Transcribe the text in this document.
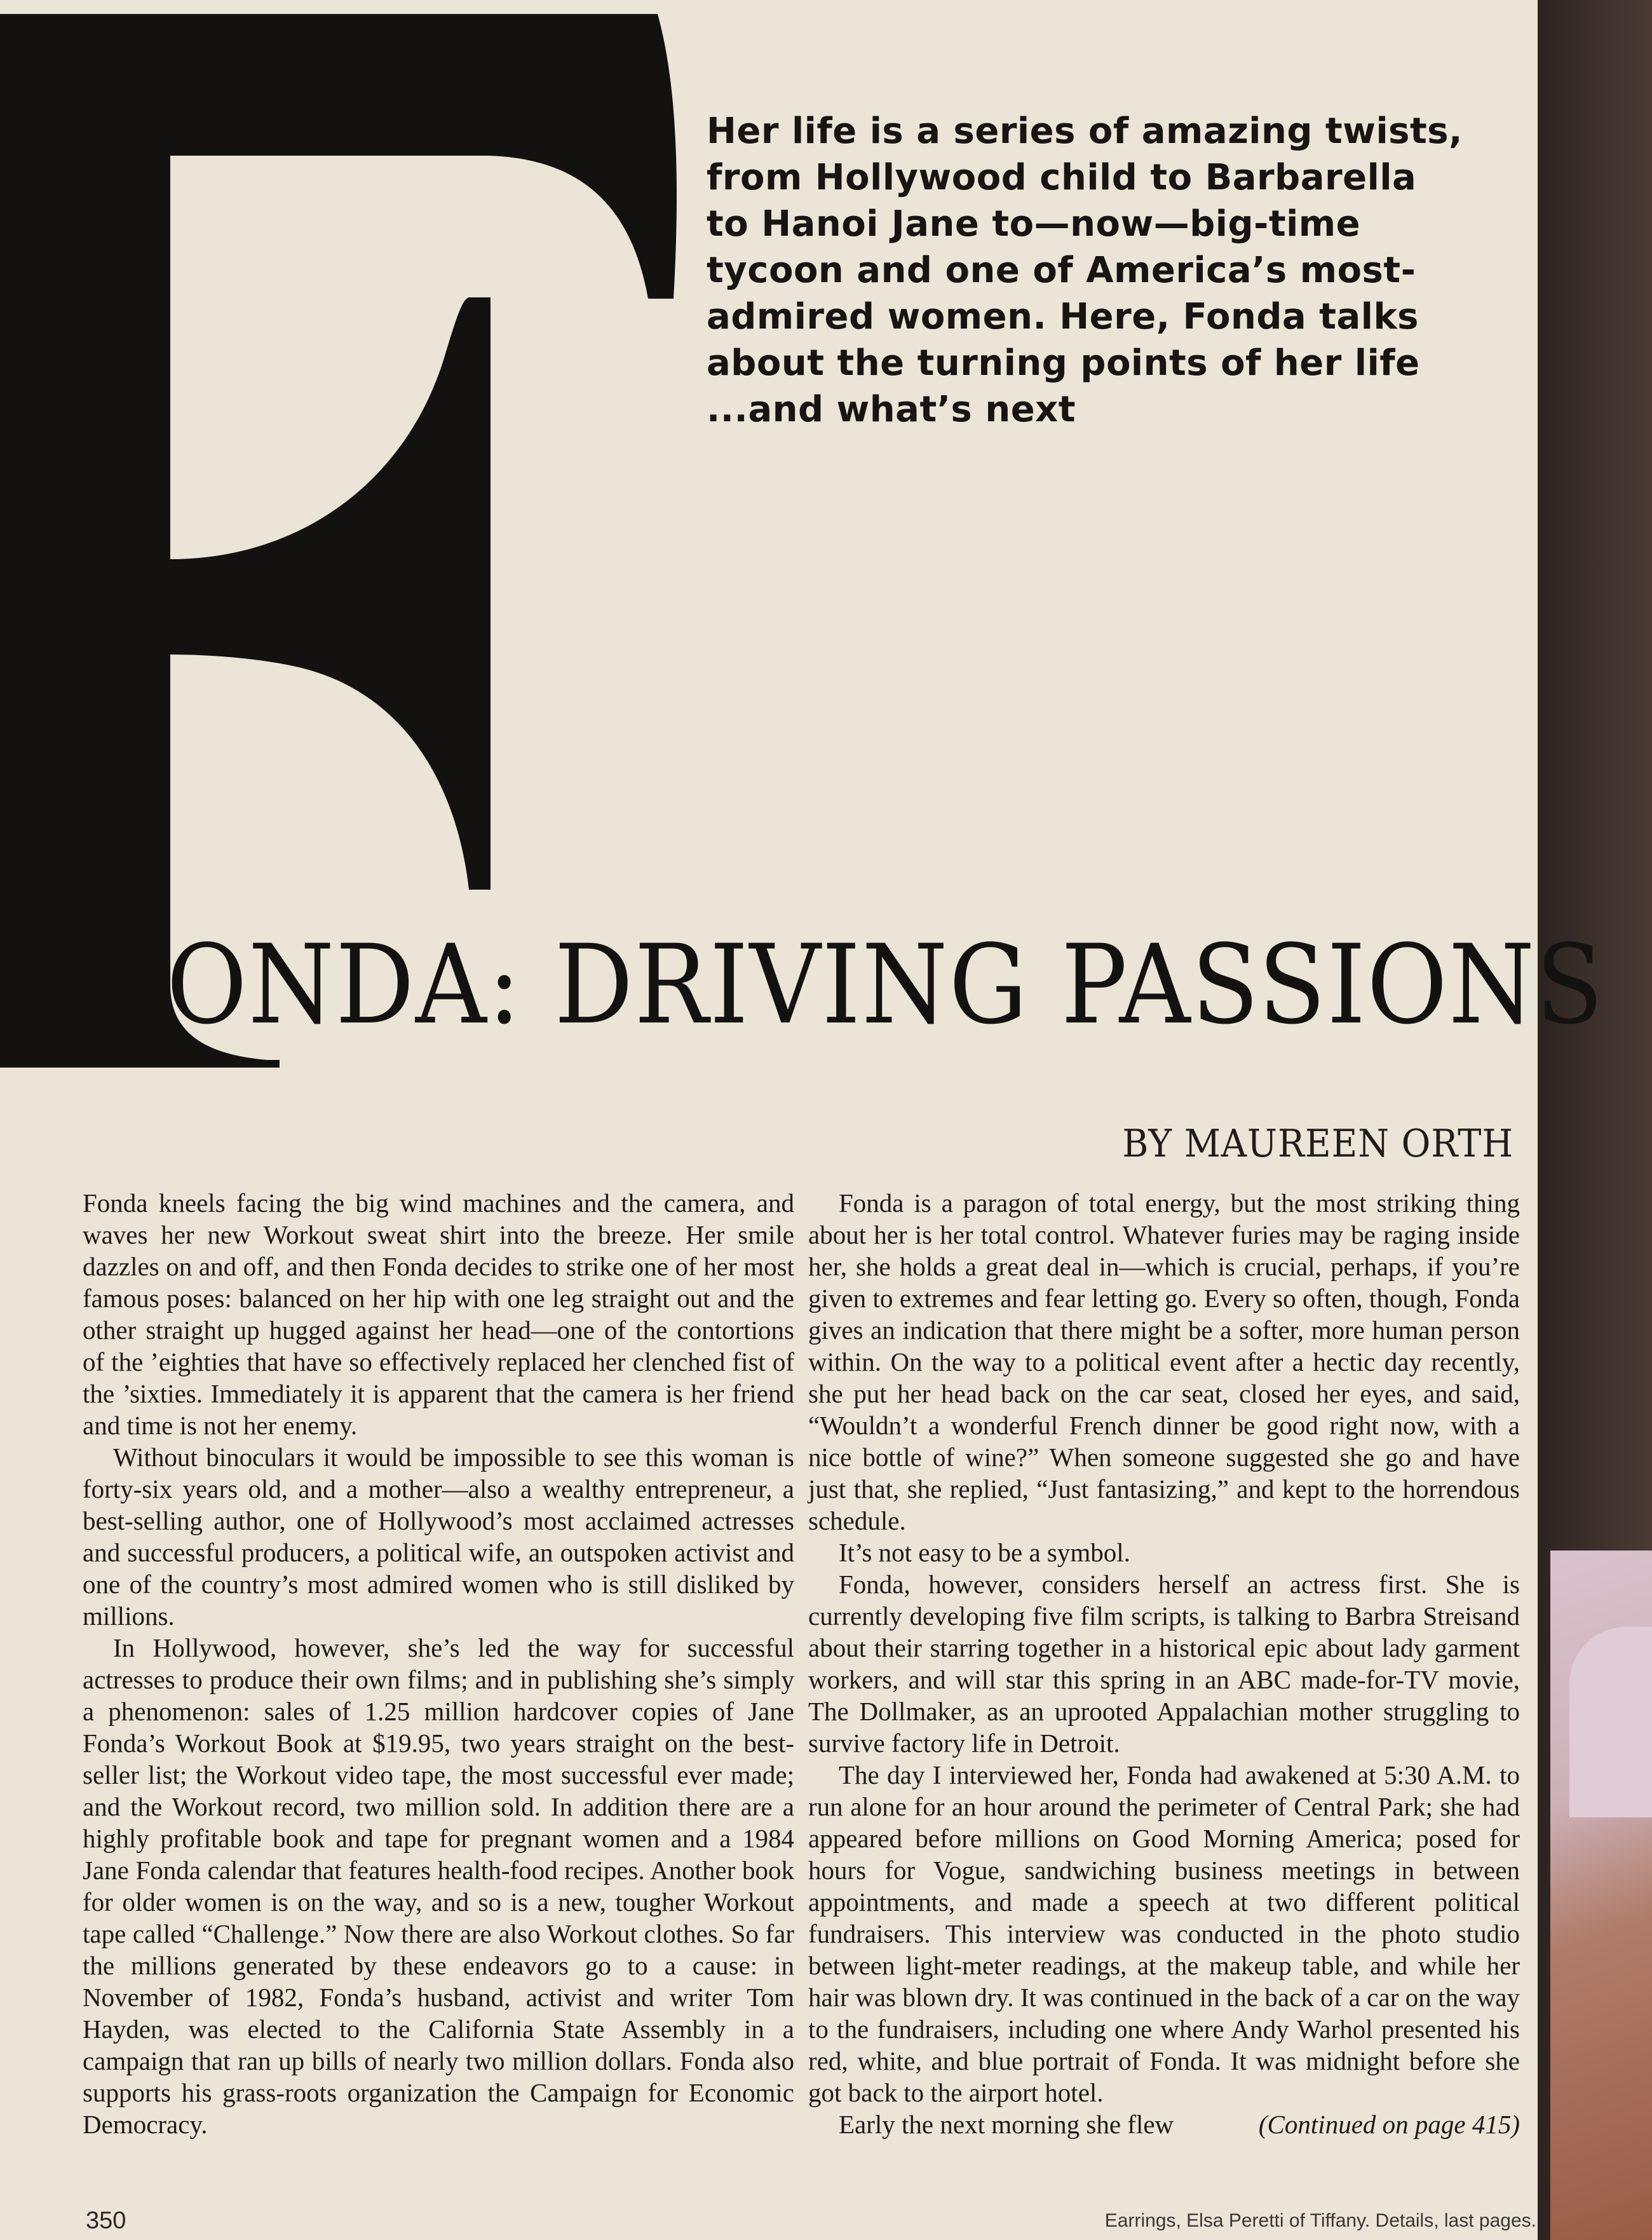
Her life is a series of amazing twists,
from Hollywood child to Barbarella
to Hanoi Jane to—now—big-time
tycoon and one of America’s most-
admired women. Here, Fonda talks
about the turning points of her life
...and what’s next
ONDA: DRIVING PASSIONS
BY MAUREEN ORTH

Fonda kneels facing the big wind machines and the camera, and waves her new Workout sweat shirt into the breeze. Her smile dazzles on and off, and then Fonda decides to strike one of her most famous poses: balanced on her hip with one leg straight out and the other straight up hugged against her head—one of the contortions of the ’eighties that have so effectively replaced her clenched fist of the ’sixties. Immediately it is apparent that the camera is her friend and time is not her enemy.

Without binoculars it would be impossible to see this woman is forty-six years old, and a mother—also a wealthy entrepreneur, a best-selling author, one of Hollywood’s most acclaimed actresses and successful producers, a political wife, an outspoken activist and one of the country’s most admired women who is still disliked by millions.

In Hollywood, however, she’s led the way for successful actresses to produce their own films; and in publishing she’s simply a phenomenon: sales of 1.25 million hardcover copies of Jane Fonda’s Workout Book at $19.95, two years straight on the best-seller list; the Workout video tape, the most successful ever made; and the Workout record, two million sold. In addition there are a highly profitable book and tape for pregnant women and a 1984 Jane Fonda calendar that features health-food recipes. Another book for older women is on the way, and so is a new, tougher Workout tape called “Challenge.” Now there are also Workout clothes. So far the millions generated by these endeavors go to a cause: in November of 1982, Fonda’s husband, activist and writer Tom Hayden, was elected to the California State Assembly in a campaign that ran up bills of nearly two million dollars. Fonda also supports his grass-roots organization the Campaign for Economic Democracy.

Fonda is a paragon of total energy, but the most striking thing about her is her total control. Whatever furies may be raging inside her, she holds a great deal in—which is crucial, perhaps, if you’re given to extremes and fear letting go. Every so often, though, Fonda gives an indication that there might be a softer, more human person within. On the way to a political event after a hectic day recently, she put her head back on the car seat, closed her eyes, and said, “Wouldn’t a wonderful French dinner be good right now, with a nice bottle of wine?” When someone suggested she go and have just that, she replied, “Just fantasizing,” and kept to the horrendous schedule.

It’s not easy to be a symbol.

Fonda, however, considers herself an actress first. She is currently developing five film scripts, is talking to Barbra Streisand about their starring together in a historical epic about lady garment workers, and will star this spring in an ABC made-for-TV movie, The Dollmaker, as an uprooted Appalachian mother struggling to survive factory life in Detroit.

The day I interviewed her, Fonda had awakened at 5:30 A.M. to run alone for an hour around the perimeter of Central Park; she had appeared before millions on Good Morning America; posed for hours for Vogue, sandwiching business meetings in between appointments, and made a speech at two different political fundraisers. This interview was conducted in the photo studio between light-meter readings, at the makeup table, and while her hair was blown dry. It was continued in the back of a car on the way to the fundraisers, including one where Andy Warhol presented his red, white, and blue portrait of Fonda. It was midnight before she got back to the airport hotel.

Early the next morning she flew	(Continued on page 415)

350	Earrings, Elsa Peretti of Tiffany. Details, last pages.
